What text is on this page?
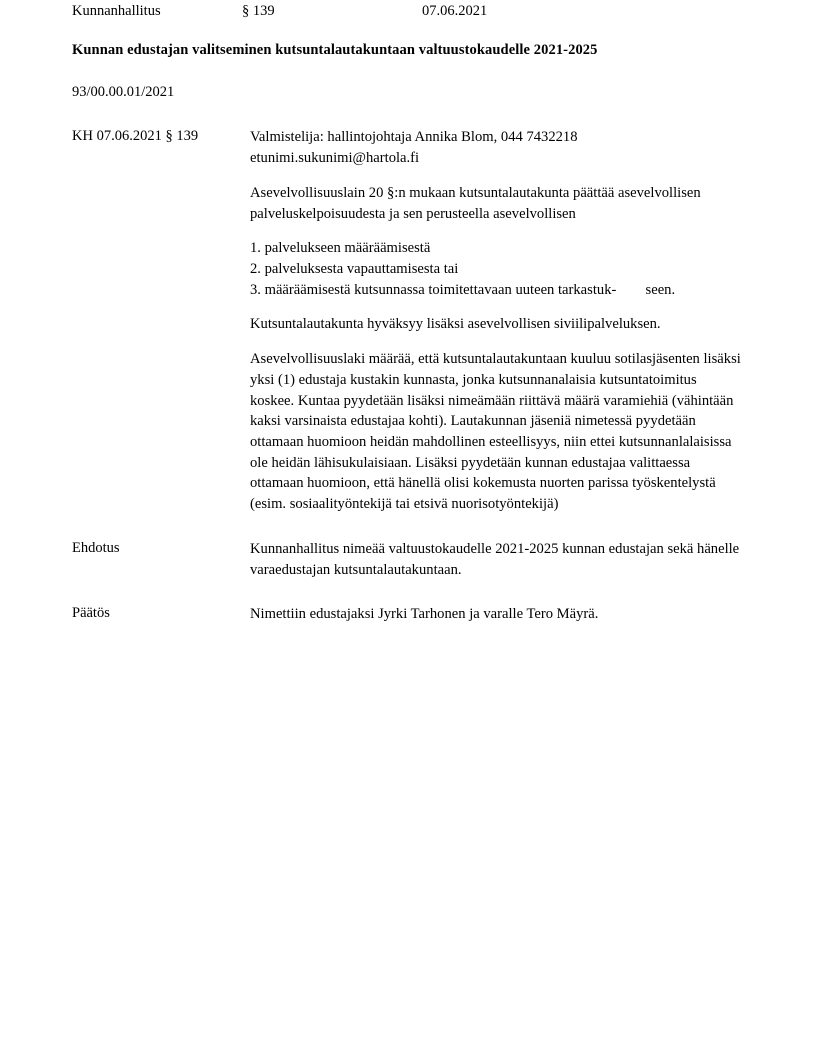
Kunnanhallitus	§ 139	07.06.2021
Kunnan edustajan valitseminen kutsuntalautakuntaan valtuustokaudelle 2021-2025
93/00.00.01/2021
KH 07.06.2021 § 139	Valmistelija: hallintojohtaja Annika Blom, 044 7432218
etunimi.sukunimi@hartola.fi

Asevelvollisuuslain 20 §:n mukaan kutsuntalautakunta päättää asevelvollisen palveluskelpoisuudesta ja sen perusteella asevelvollisen

1. palvelukseen määräämisestä
2. palveluksesta vapauttamisesta tai
3. määräämisestä kutsunnassa toimitettavaan uuteen tarkastuk-        seen.

Kutsuntalautakunta hyväksyy lisäksi asevelvollisen siviilipalveluksen.

Asevelvollisuuslaki määrää, että kutsuntalautakuntaan kuuluu sotilasjäsenten lisäksi yksi (1) edustaja kustakin kunnasta, jonka kutsunnanalaisia kutsuntatoimitus koskee. Kuntaa pyydetään lisäksi nimeämään riittävä määrä varamiehiä (vähintään kaksi varsinaista edustajaa kohti). Lautakunnan jäseniä nimetessä pyydetään ottamaan huomioon heidän mahdollinen esteellisyys, niin ettei kutsunnanlalaisissa ole heidän lähisukulaisiaan. Lisäksi pyydetään kunnan edustajaa valittaessa ottamaan huomioon, että hänellä olisi kokemusta nuorten parissa työskentelystä (esim. sosiaalityöntekijä tai etsivä nuorisotyöntekijä)

Ehdotus	Kunnanhallitus nimeää valtuustokaudelle 2021-2025 kunnan edustajan sekä hänelle varaedustajan kutsuntalautakuntaan.

Päätös	Nimettiin edustajaksi Jyrki Tarhonen ja varalle Tero Mäyrä.
